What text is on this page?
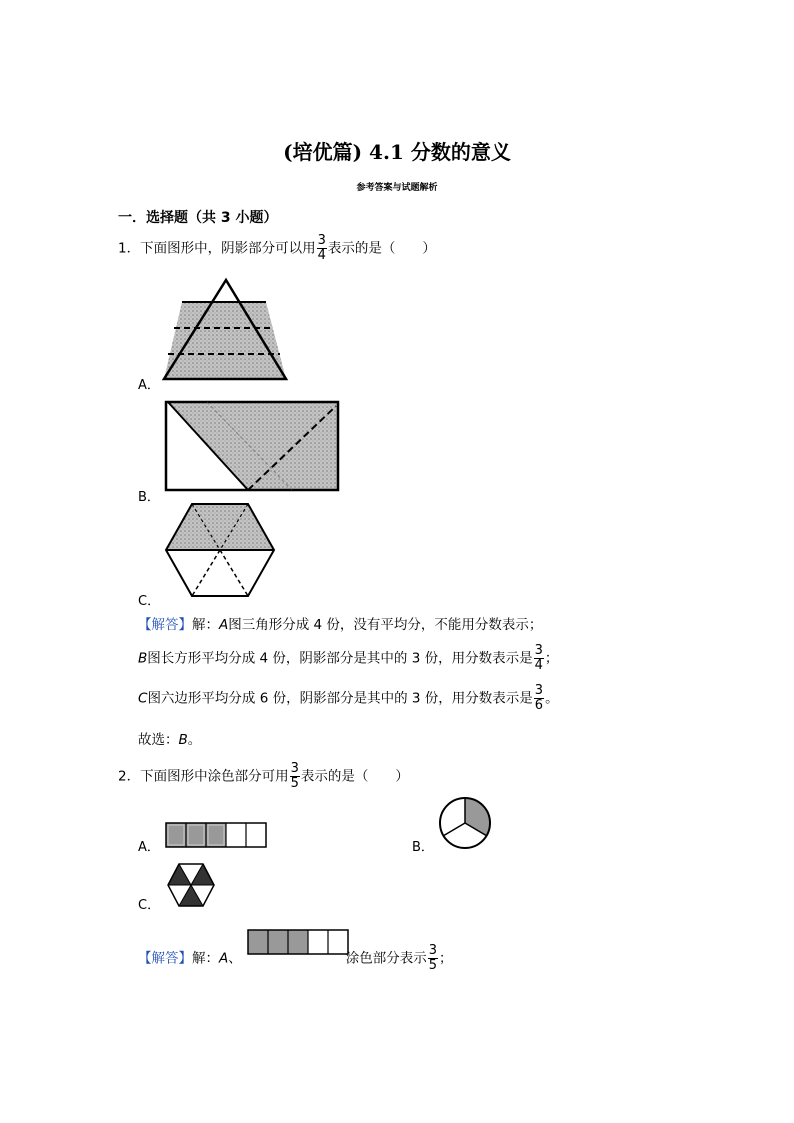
(培优篇) 4.1 分数的意义
参考答案与试题解析
一．选择题（共 3 小题）
1．下面图形中，阴影部分可以用 $\frac{3}{4}$ 表示的是（　　）
A．
B．
C．
【解答】解：A图三角形分成 4 份，没有平均分，不能用分数表示；
B图长方形平均分成 4 份，阴影部分是其中的 3 份，用分数表示是 $\frac{3}{4}$ ；
C图六边形平均分成 6 份，阴影部分是其中的 3 份，用分数表示是 $\frac{3}{6}$ 。
故选：B。
2．下面图形中涂色部分可用 $\frac{3}{5}$ 表示的是（　　）
A．	B．
C．
【解答】解：A、	涂色部分表示 $\frac{3}{5}$ ；
